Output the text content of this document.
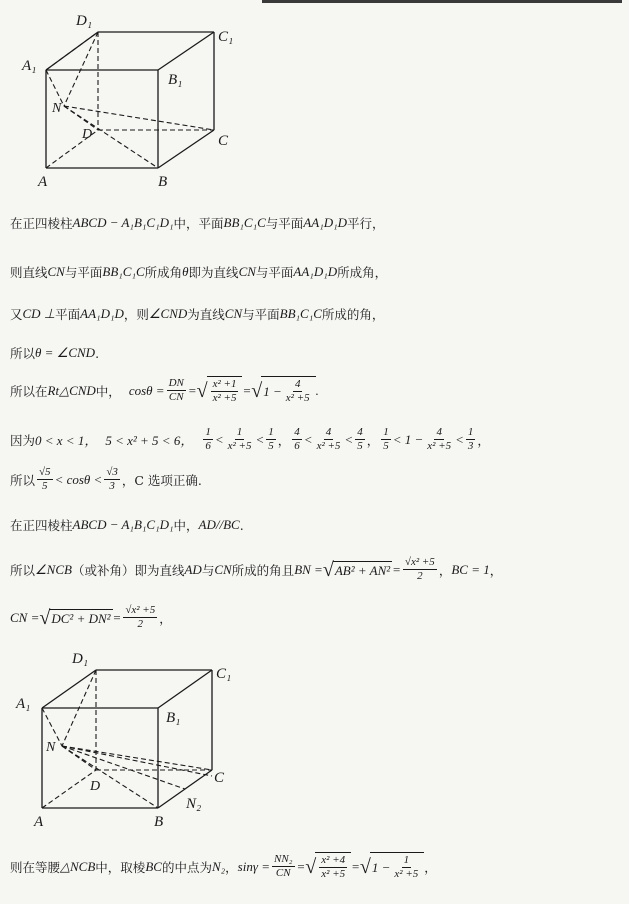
D₁
C₁
A₁
B₁
N
D	C
A	B
在正四棱柱 ABCD − A₁B₁C₁D₁ 中，平面 BB₁C₁C 与平面 AA₁D₁D 平行，
则直线 CN 与平面 BB₁C₁C 所成角 θ 即为直线 CN 与平面 AA₁D₁D 所成角，
又 CD ⊥ 平面 AA₁D₁D ，则 ∠CND 为直线 CN 与平面 BB₁C₁C 所成的角，
所以 θ = ∠CND .
所以在 Rt△CND 中， $\cos\theta = \frac{DN}{CN}$ = √ $\frac{\text{x² +1}}{\text{x² +5}}$ = √ $1 - \frac{4}{\text{x² +5}}$ .
因为 0 < x < 1， 5 < x² + 5 < 6， $\frac{1}{6} < \frac{1}{\text{x² +5}} < \frac{1}{5}$ ， $\frac{4}{6} < \frac{4}{\text{x² +5}} < \frac{4}{5}$ ， $\frac{1}{5} < 1 - \frac{4}{\text{x² +5}} < \frac{1}{3}$ ，
所以 $\frac{√5}{5} < \cos\theta < \frac{√3}{3}$ ，C 选项正确.
在正四棱柱 ABCD − A₁B₁C₁D₁ 中， AD//BC .
所以 ∠NCB （或补角）即为直线 AD 与 CN 所成的角且 BN = √ $AB^2 + AN^2 = \frac{\text{√x² +5}}{2}$ ， BC = 1 ，
CN = √ $DC^2 + DN^2 = \frac{\text{√x² +5}}{2}$ ，
D₁
C₁
A₁
B₁
N
D
C
N₂
A	B
则在等腰 △NCB 中，取棱 BC 的中点为 N₂ ， $\sin\gamma = \frac{\text{NN₂}}{CN}$ = √ $\frac{\text{x² +4}}{\text{x² +5}}$ = √ $1 - \frac{1}{\text{x² +5}}$ ，
